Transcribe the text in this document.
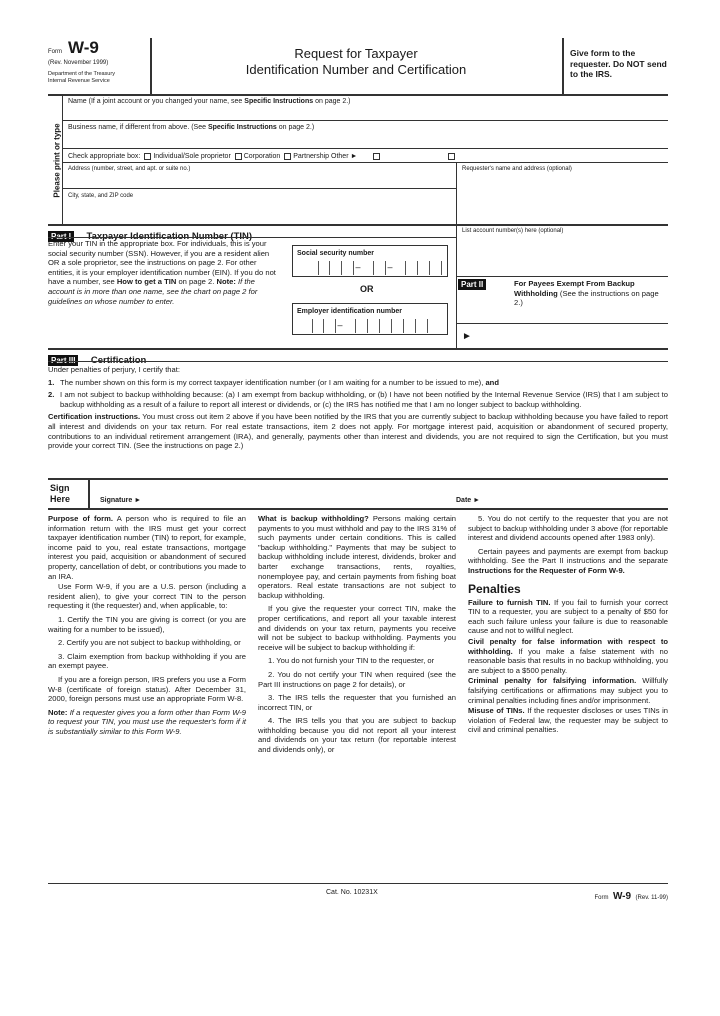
Form W-9
(Rev. November 1999)
Department of the Treasury
Internal Revenue Service
Request for Taxpayer
Identification Number and Certification
Give form to the requester. Do NOT send to the IRS.
Please print or type
Name (If a joint account or you changed your name, see Specific Instructions on page 2.)
Business name, if different from above. (See Specific Instructions on page 2.)
Check appropriate box: Individual/Sole proprietor Corporation Partnership Other ►
Address (number, street, and apt. or suite no.)	Requester's name and address (optional)
City, state, and ZIP code
Part I Taxpayer Identification Number (TIN)	List account number(s) here (optional)
Enter your TIN in the appropriate box. For individuals, this is your social security number (SSN). However, if you are a resident alien OR a sole proprietor, see the instructions on page 2. For other entities, it is your employer identification number (EIN). If you do not have a number, see How to get a TIN on page 2. Note: If the account is in more than one name, see the chart on page 2 for guidelines on whose number to enter.
Social security number
–	–
OR
Employer identification number
–
Part II	For Payees Exempt From Backup Withholding (See the instructions on page 2.)
►
Part III Certification
Under penalties of perjury, I certify that:
1. The number shown on this form is my correct taxpayer identification number (or I am waiting for a number to be issued to me), and
2. I am not subject to backup withholding because: (a) I am exempt from backup withholding, or (b) I have not been notified by the Internal Revenue Service (IRS) that I am subject to backup withholding as a result of a failure to report all interest or dividends, or (c) the IRS has notified me that I am no longer subject to backup withholding.
Certification instructions. You must cross out item 2 above if you have been notified by the IRS that you are currently subject to backup withholding because you have failed to report all interest and dividends on your tax return. For real estate transactions, item 2 does not apply. For mortgage interest paid, acquisition or abandonment of secured property, contributions to an individual retirement arrangement (IRA), and generally, payments other than interest and dividends, you are not required to sign the Certification, but you must provide your correct TIN. (See the instructions on page 2.)
Sign Here	Signature ►	Date ►

Purpose of form. A person who is required to file an information return with the IRS must get your correct taxpayer identification number (TIN) to report, for example, income paid to you, real estate transactions, mortgage interest you paid, acquisition or abandonment of secured property, cancellation of debt, or contributions you made to an IRA.

Use Form W-9, if you are a U.S. person (including a resident alien), to give your correct TIN to the person requesting it (the requester) and, when applicable, to:

1. Certify the TIN you are giving is correct (or you are waiting for a number to be issued),

2. Certify you are not subject to backup withholding, or

3. Claim exemption from backup withholding if you are an exempt payee.

If you are a foreign person, IRS prefers you use a Form W-8 (certificate of foreign status). After December 31, 2000, foreign persons must use an appropriate Form W-8.

Note: If a requester gives you a form other than Form W-9 to request your TIN, you must use the requester's form if it is substantially similar to this Form W-9.

What is backup withholding? Persons making certain payments to you must withhold and pay to the IRS 31% of such payments under certain conditions. This is called "backup withholding." Payments that may be subject to backup withholding include interest, dividends, broker and barter exchange transactions, rents, royalties, nonemployee pay, and certain payments from fishing boat operators. Real estate transactions are not subject to backup withholding.

If you give the requester your correct TIN, make the proper certifications, and report all your taxable interest and dividends on your tax return, payments you receive will not be subject to backup withholding. Payments you receive will be subject to backup withholding if:

1. You do not furnish your TIN to the requester, or

2. You do not certify your TIN when required (see the Part III instructions on page 2 for details), or

3. The IRS tells the requester that you furnished an incorrect TIN, or

4. The IRS tells you that you are subject to backup withholding because you did not report all your interest and dividends on your tax return (for reportable interest and dividends only), or

5. You do not certify to the requester that you are not subject to backup withholding under 3 above (for reportable interest and dividend accounts opened after 1983 only).

Certain payees and payments are exempt from backup withholding. See the Part II instructions and the separate Instructions for the Requester of Form W-9.

Penalties

Failure to furnish TIN. If you fail to furnish your correct TIN to a requester, you are subject to a penalty of $50 for each such failure unless your failure is due to reasonable cause and not to willful neglect.

Civil penalty for false information with respect to withholding. If you make a false statement with no reasonable basis that results in no backup withholding, you are subject to a $500 penalty.

Criminal penalty for falsifying information. Willfully falsifying certifications or affirmations may subject you to criminal penalties including fines and/or imprisonment.

Misuse of TINs. If the requester discloses or uses TINs in violation of Federal law, the requester may be subject to civil and criminal penalties.

Cat. No. 10231X
Form W-9 (Rev. 11-99)
